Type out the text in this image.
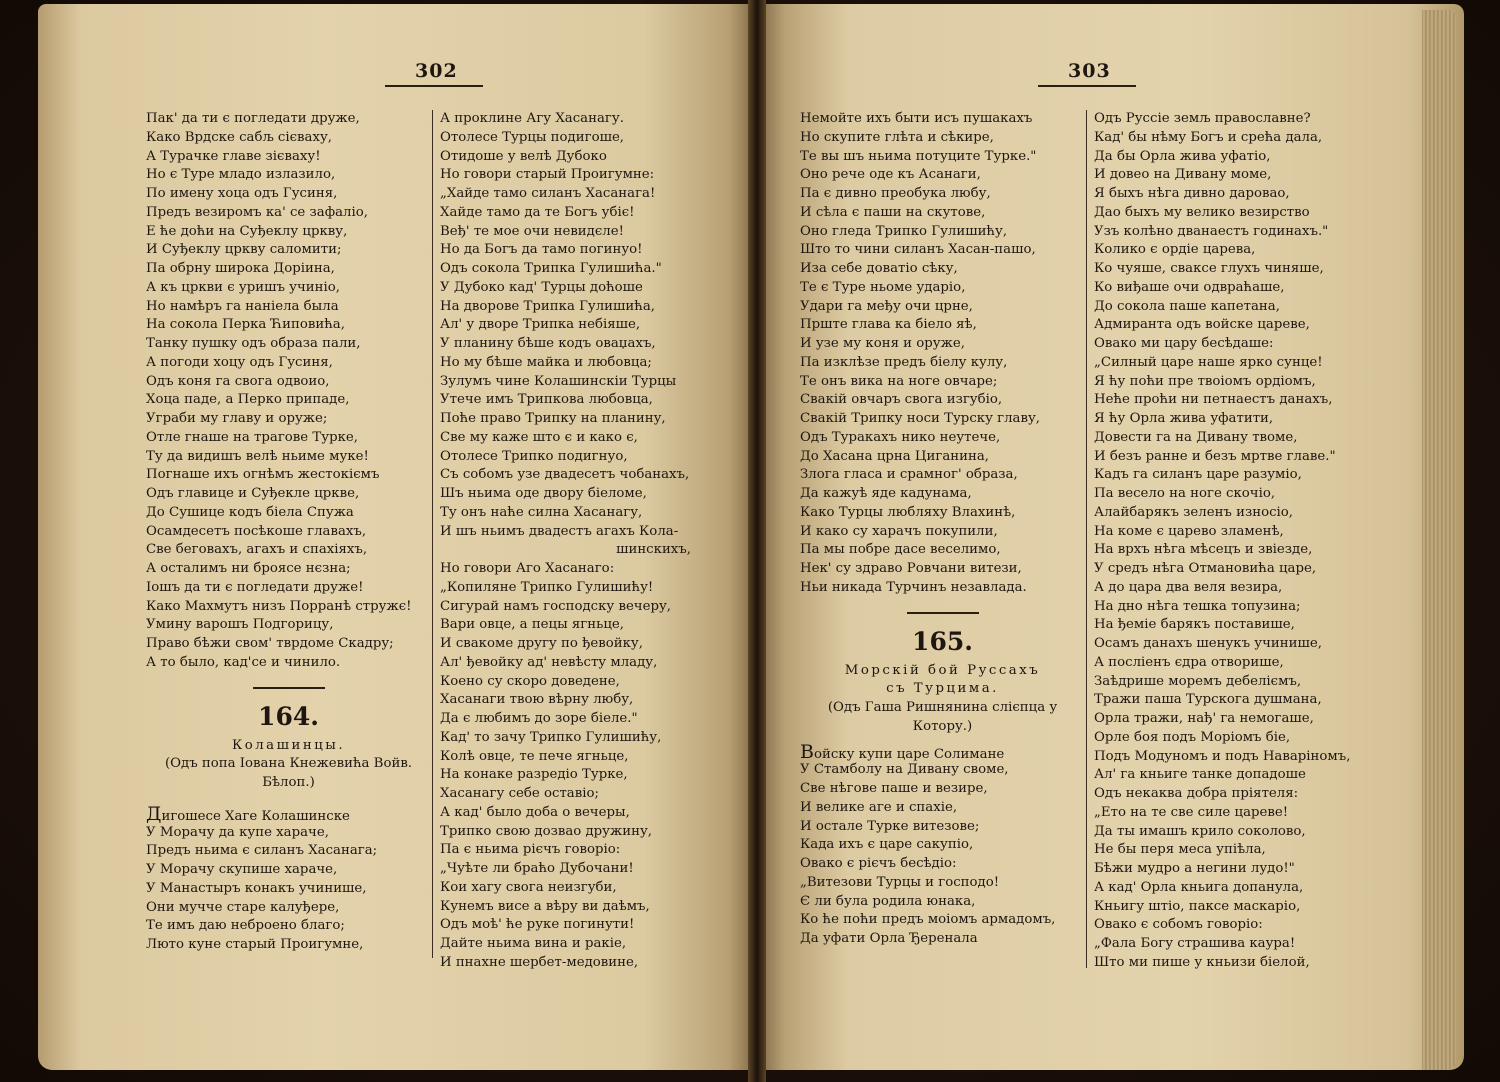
302
Пак' да ти є погледати друже,
Како Врдске сабљ сієваху,
А Турачке главе зієваху!
Но є Туре младо излазило,
По имену хоца одъ Гусиня,
Предъ везиромъ ка' се зафаліо,
Е ће доћи на Суђеклу цркву,
И Суђеклу цркву саломити;
Па обрну широка Доріина,
А къ цркви є уришъ учиніо,
Но намѣръ га наніела была
На сокола Перка Ћиповића,
Танку пушку одъ образа пали,
А погоди хоцу одъ Гусиня,
Одъ коня га свога одвоио,
Хоца паде, а Перко припаде,
Уграби му главу и оруже;
Отле гнаше на трагове Турке,
Ту да видишъ велѣ ньиме муке!
Погнаше ихъ огнѣмъ жестокіємъ
Одъ главице и Суђекле цркве,
До Сушице кодъ біела Спужа
Осамдесетъ посѣкоше главахъ,
Све беговахъ, агахъ и спахіяхъ,
А осталимъ ни броясе нєзна;
Іошъ да ти є погледати друже!
Како Махмутъ низъ Порранѣ стружє!
Умину варошъ Подгорицу,
Право бѣжи свом' тврдоме Скадру;
А то было, кад'се и чинило.
164.
Колашинцы.
(Одъ попа Іована Кнежевића Войв.
Бѣлоп.)
Дигошесе Хаге Колашинске
У Морачу да купе хараче,
Предъ ньима є силанъ Хасанага;
У Морачу скупише хараче,
У Манастыръ конакъ учинише,
Они мучче старе калуђере,
Те имъ даю неброено благо;
Люто куне старый Проигумне,
А проклине Агу Хасанагу.
Отолесе Турцы подигоше,
Отидоше у велѣ Дубоко
Но говори старый Проигумне:
„Хайде тамо силанъ Хасанага!
Хайде тамо да те Богъ убіє!
Веђ' те мое очи невидєле!
Но да Богъ да тамо погинуо!
Одъ сокола Трипка Гулишића."
У Дубоко кад' Турцы доћоше
На дворове Трипка Гулишића,
Ал' у дворе Трипка небіяше,
У планину бѣше кодъ оваџахъ,
Но му бѣше майка и любовца;
Зулумъ чине Колашинскіи Турцы
Утече имъ Трипкова любовца,
Поће право Трипку на планину,
Све му каже што є и како є,
Отолесе Трипко подигнуо,
Съ собомъ узе двадесетъ чобанахъ,
Шъ ньима оде двору біеломе,
Ту онъ наће силна Хасанагу,
И шъ ньимъ двадестъ агахъ Кола-
шинскихъ,
Но говори Аго Хасанаго:
„Копиляне Трипко Гулишићу!
Сигурай намъ господску вечеру,
Вари овце, а пецы ягньце,
И свакоме другу по ђевойку,
Ал' ђевойку ад' невѣсту младу,
Коено су скоро доведене,
Хасанаги твою вѣрну любу,
Да є любимъ до зоре біеле."
Кад' то зачу Трипко Гулишићу,
Колѣ овце, те пече ягньце,
На конаке разредіо Турке,
Хасанагу себе оставіо;
А кад' было доба о вечеры,
Трипко свою дозвао дружину,
Па є ньима рієчъ говоріо:
„Чуѣте ли браћо Дубочани!
Кои хагу свога неизгуби,
Кунемъ висе а вѣру ви даѣмъ,
Одъ моѣ' ће руке погинути!
Дайте ньима вина и ракіе,
И пнахне шербет-медовине,
303
Немойте ихъ быти исъ пушакахъ
Но скупите глѣта и сѣкире,
Те вы шъ ньима потуците Турке."
Оно рече оде къ Асанаги,
Па є дивно преобука любу,
И сѣла є паши на скутове,
Оно гледа Трипко Гулишићу,
Што то чини силанъ Хасан-пашо,
Иза себе доватіо сѣку,
Те є Туре ньоме ударіо,
Удари га међу очи црне,
Прште глава ка біело яѣ,
И узе му коня и оруже,
Па изклѣзе предъ біелу кулу,
Те онъ вика на ноге овчаре;
Свакій овчаръ свога изгубіо,
Свакій Трипку носи Турску главу,
Одъ Туракахъ нико неутече,
До Хасана црна Циганина,
Злога гласа и срамног' образа,
Да кажуѣ яде кадунама,
Како Турцы любляху Влахинѣ,
И како су харачъ покупили,
Па мы побре дасе веселимо,
Нек' су здраво Ровчани витези,
Ньи никада Турчинъ незавлада.
165.
Морскій бой Руссахъ
съ Турцима.
(Одъ Гаша Ришнянина слієпца у
Котору.)
Войску купи царе Солимане
У Стамболу на Дивану своме,
Све нѣгове паше и везире,
И велике аге и спахіе,
И остале Турке витезове;
Када ихъ є царе сакупіо,
Овако є рієчъ бесѣдіо:
„Витезови Турцы и господо!
Є ли була родила юнака,
Ко ће поћи предъ моіомъ армадомъ,
Да уфати Орла Ђеренала
Одъ Руссіе земљ православне?
Кад' бы нѣму Богъ и срећа дала,
Да бы Орла жива уфатіо,
И довео на Дивану моме,
Я быхъ нѣга дивно даровао,
Дао быхъ му велико везирство
Узъ колѣно дванаестъ годинахъ."
Колико є ордіе царева,
Ко чуяше, сваксе глухъ чиняше,
Ко виђаше очи одвраћаше,
До сокола паше капетана,
Адмиранта одъ войске цареве,
Овако ми цару бесѣдаше:
„Силный царе наше ярко сунце!
Я ћу поћи пре твоіомъ ордіомъ,
Неће проћи ни петнаестъ данахъ,
Я ћу Орла жива уфатити,
Довести га на Дивану твоме,
И безъ ранне и безъ мртве главе."
Кадъ га силанъ царе разуміо,
Па весело на ноге скочіо,
Алайбарякъ зеленъ износіо,
На коме є царево зламенѣ,
На врхъ нѣга мѣсецъ и звіезде,
У средъ нѣга Отмановића царе,
А до цара два веля везира,
На дно нѣга тешка топузина;
На ђеміе барякъ поставише,
Осамъ данахъ шенукъ учинише,
А посліенъ єдра отворише,
Заѣдрише моремъ дебеліємъ,
Тражи паша Турскога душмана,
Орла тражи, нађ' га немогаше,
Орле боя подъ Моріомъ біе,
Подъ Модуномъ и подъ Наваріномъ,
Ал' га кньиге танке допадоше
Одъ некаква добра пріятеля:
„Ето на те све силе цареве!
Да ты имашъ крило соколово,
Не бы перя меса упіѣла,
Бѣжи мудро а негини лудо!"
А кад' Орла кньига допанула,
Кньигу штіо, паксе маскаріо,
Овако є собомъ говоріо:
„Фала Богу страшива каура!
Што ми пише у кньизи біелой,
